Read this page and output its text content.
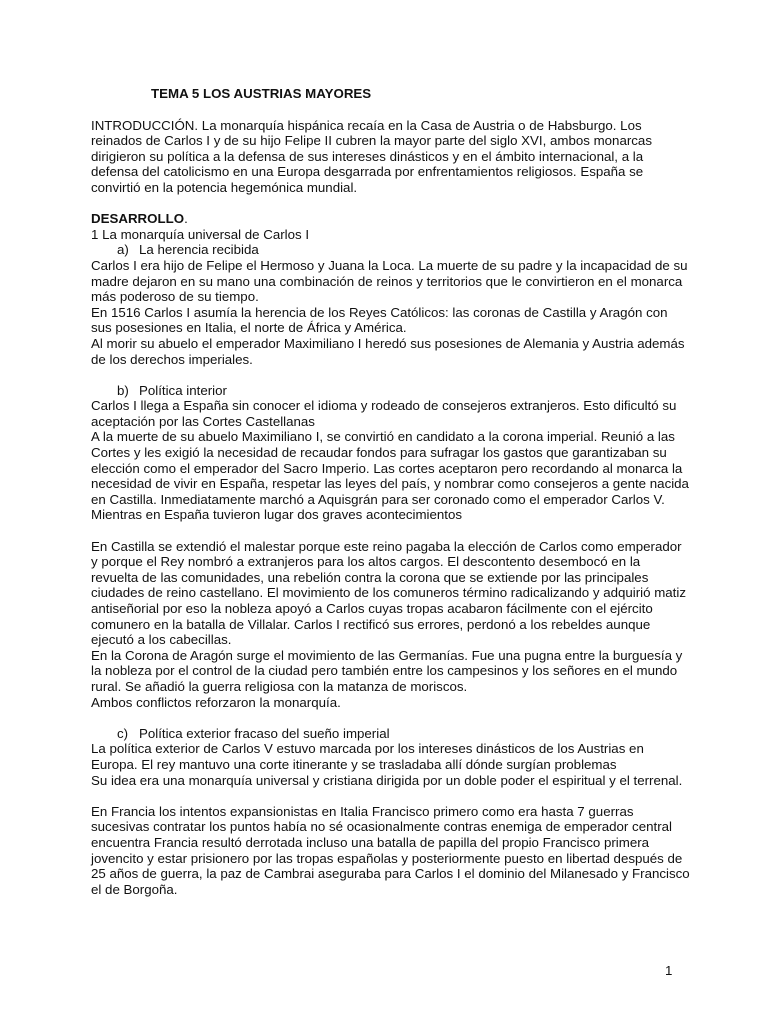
TEMA 5 LOS AUSTRIAS MAYORES

INTRODUCCIÓN. La monarquía hispánica recaía en la Casa de Austria o de Habsburgo. Los reinados de Carlos I y de su hijo Felipe II cubren la mayor parte del siglo XVI, ambos monarcas dirigieron su política a la defensa de sus intereses dinásticos y en el ámbito internacional, a la defensa del catolicismo en una Europa desgarrada por enfrentamientos religiosos. España se convirtió en la potencia hegemónica mundial.

DESARROLLO.

1 La monarquía universal de Carlos I

a) La herencia recibida

Carlos I era hijo de Felipe el Hermoso y Juana la Loca. La muerte de su padre y la incapacidad de su madre dejaron en su mano una combinación de reinos y territorios que le convirtieron en el monarca más poderoso de su tiempo.

En 1516 Carlos I asumía la herencia de los Reyes Católicos: las coronas de Castilla y Aragón con sus posesiones en Italia, el norte de África y América.

Al morir su abuelo el emperador Maximiliano I heredó sus posesiones de Alemania y Austria además de los derechos imperiales.

b) Política interior

Carlos I llega a España sin conocer el idioma y rodeado de consejeros extranjeros. Esto dificultó su aceptación por las Cortes Castellanas

A la muerte de su abuelo Maximiliano I, se convirtió en candidato a la corona imperial. Reunió a las Cortes y les exigió la necesidad de recaudar fondos para sufragar los gastos que garantizaban su elección como el emperador del Sacro Imperio. Las cortes aceptaron pero recordando al monarca la necesidad de vivir en España, respetar las leyes del país, y nombrar como consejeros a gente nacida en Castilla. Inmediatamente marchó a Aquisgrán para ser coronado como el emperador Carlos V.

Mientras en España tuvieron lugar dos graves acontecimientos

En Castilla se extendió el malestar porque este reino pagaba la elección de Carlos como emperador y porque el Rey nombró a extranjeros para los altos cargos. El descontento desembocó en la revuelta de las comunidades, una rebelión contra la corona que se extiende por las principales ciudades de reino castellano. El movimiento de los comuneros término radicalizando y adquirió matiz antiseñorial por eso la nobleza apoyó a Carlos cuyas tropas acabaron fácilmente con el ejército comunero en la batalla de Villalar. Carlos I rectificó sus errores, perdonó a los rebeldes aunque ejecutó a los cabecillas.

En la Corona de Aragón surge el movimiento de las Germanías. Fue una pugna entre la burguesía y la nobleza por el control de la ciudad pero también entre los campesinos y los señores en el mundo rural. Se añadió la guerra religiosa con la matanza de moriscos.

Ambos conflictos reforzaron la monarquía.

c) Política exterior fracaso del sueño imperial

La política exterior de Carlos V estuvo marcada por los intereses dinásticos de los Austrias en Europa. El rey mantuvo una corte itinerante y se trasladaba allí dónde surgían problemas

Su idea era una monarquía universal y cristiana dirigida por un doble poder el espiritual y el terrenal.

En Francia los intentos expansionistas en Italia Francisco primero como era hasta 7 guerras sucesivas contratar los puntos había no sé ocasionalmente contras enemiga de emperador central encuentra Francia resultó derrotada incluso una batalla de papilla del propio Francisco primera jovencito y estar prisionero por las tropas españolas y posteriormente puesto en libertad después de 25 años de guerra, la paz de Cambrai aseguraba para Carlos I el dominio del Milanesado y Francisco el de Borgoña.

1
